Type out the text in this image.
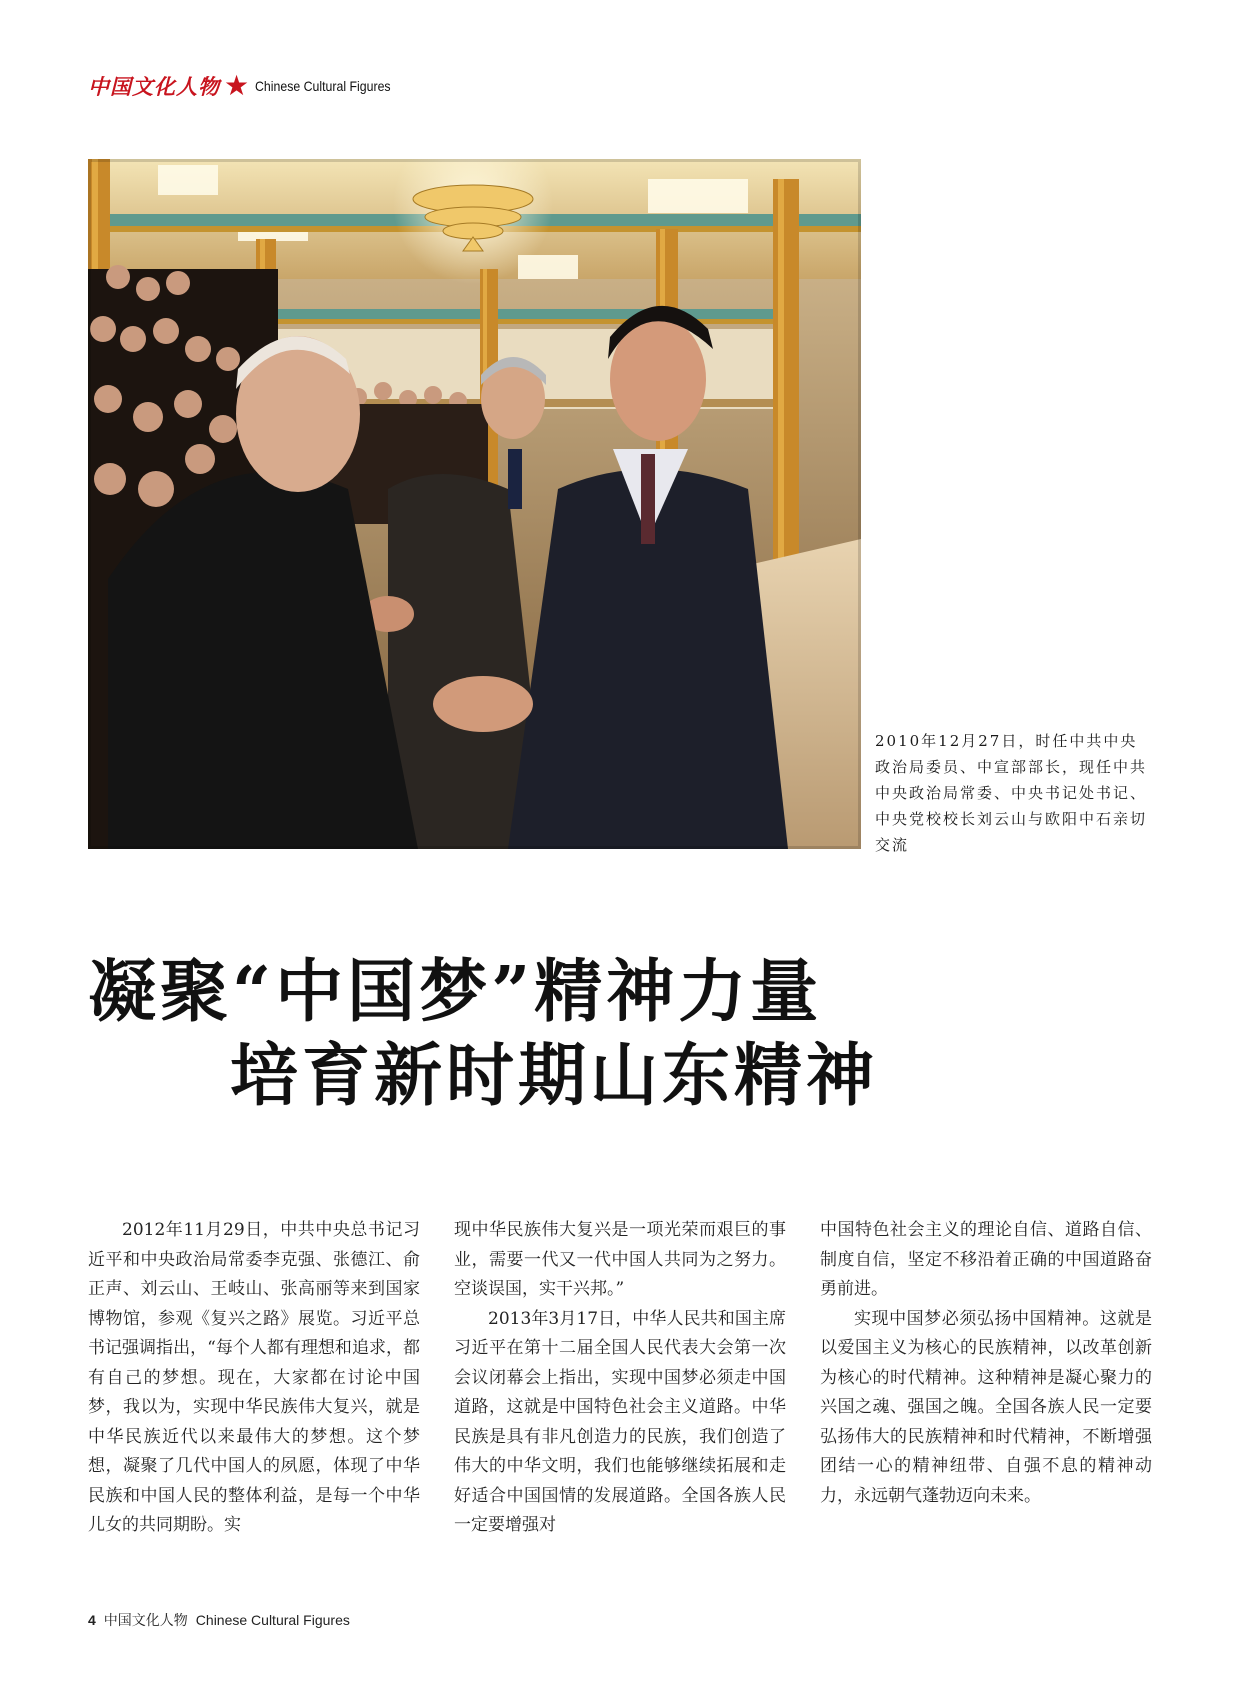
中国文化人物 ★ Chinese Cultural Figures
2010年12月27日，时任中共中央政治局委员、中宣部部长，现任中共中央政治局常委、中央书记处书记、中央党校校长刘云山与欧阳中石亲切交流
凝聚“中国梦”精神力量
培育新时期山东精神

2012年11月29日，中共中央总书记习近平和中央政治局常委李克强、张德江、俞正声、刘云山、王岐山、张高丽等来到国家博物馆，参观《复兴之路》展览。习近平总书记强调指出，“每个人都有理想和追求，都有自己的梦想。现在，大家都在讨论中国梦，我以为，实现中华民族伟大复兴，就是中华民族近代以来最伟大的梦想。这个梦想，凝聚了几代中国人的夙愿，体现了中华民族和中国人民的整体利益，是每一个中华儿女的共同期盼。实

现中华民族伟大复兴是一项光荣而艰巨的事业，需要一代又一代中国人共同为之努力。空谈误国，实干兴邦。”

2013年3月17日，中华人民共和国主席习近平在第十二届全国人民代表大会第一次会议闭幕会上指出，实现中国梦必须走中国道路，这就是中国特色社会主义道路。中华民族是具有非凡创造力的民族，我们创造了伟大的中华文明，我们也能够继续拓展和走好适合中国国情的发展道路。全国各族人民一定要增强对

中国特色社会主义的理论自信、道路自信、制度自信，坚定不移沿着正确的中国道路奋勇前进。

实现中国梦必须弘扬中国精神。这就是以爱国主义为核心的民族精神，以改革创新为核心的时代精神。这种精神是凝心聚力的兴国之魂、强国之魄。全国各族人民一定要弘扬伟大的民族精神和时代精神，不断增强团结一心的精神纽带、自强不息的精神动力，永远朝气蓬勃迈向未来。

4 中国文化人物 Chinese Cultural Figures
